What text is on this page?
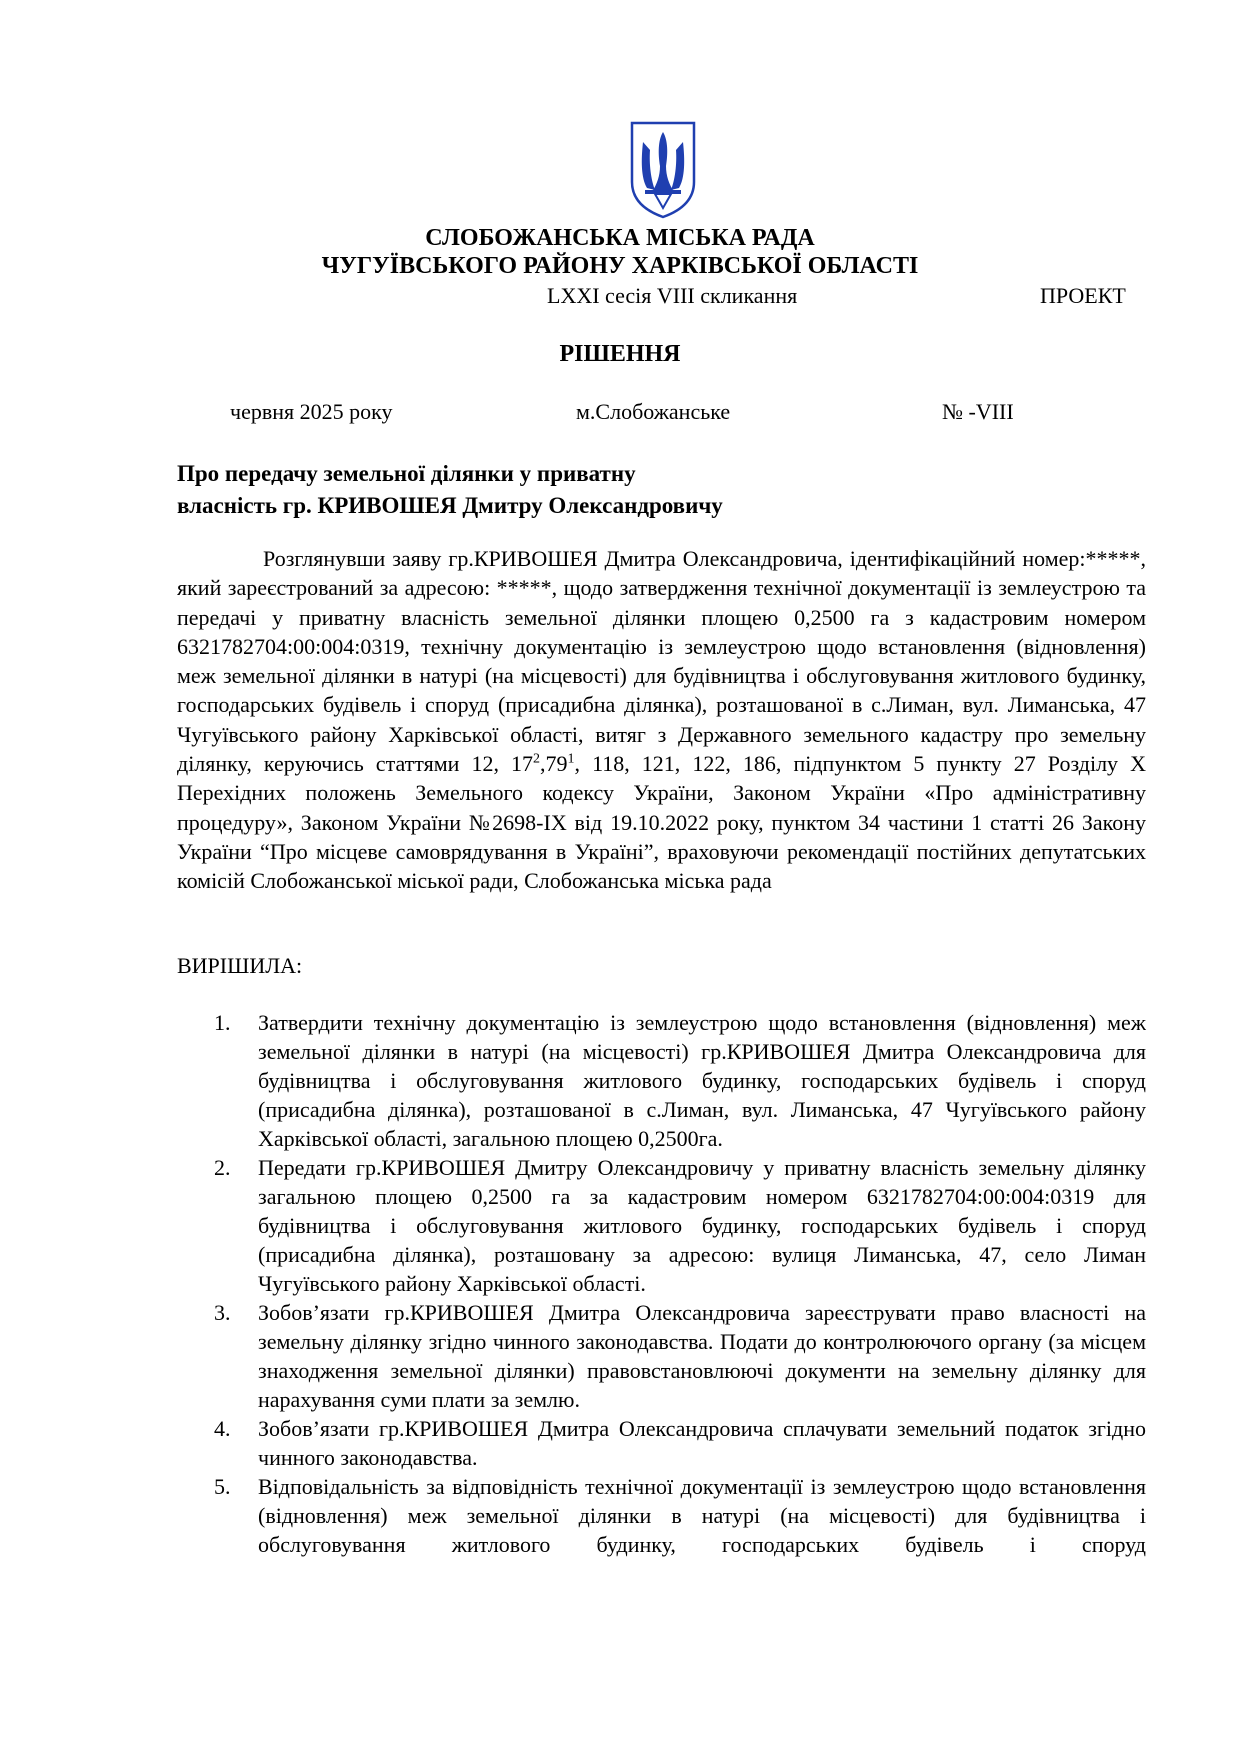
СЛОБОЖАНСЬКА МІСЬКА РАДА
ЧУГУЇВСЬКОГО РАЙОНУ ХАРКІВСЬКОЇ ОБЛАСТІ
LXXI сесія VIII скликання	ПРОЕКТ
РІШЕННЯ
червня 2025 року	м.Слобожанське	№ -VIII
Про передачу земельної ділянки у приватну
власність гр. КРИВОШЕЯ Дмитру Олександровичу

Розглянувши заяву гр.КРИВОШЕЯ Дмитра Олександровича, ідентифікаційний номер:*****, який зареєстрований за адресою: *****, щодо затвердження технічної документації із землеустрою та передачі у приватну власність земельної ділянки площею 0,2500 га з кадастровим номером 6321782704:00:004:0319, технічну документацію із землеустрою щодо встановлення (відновлення) меж земельної ділянки в натурі (на місцевості) для будівництва і обслуговування житлового будинку, господарських будівель і споруд (присадибна ділянка), розташованої в с.Лиман, вул. Лиманська, 47 Чугуївського району Харківської області, витяг з Державного земельного кадастру про земельну ділянку, керуючись статтями 12, $17^2,79^1$, 118, 121, 122, 186, підпунктом 5 пункту 27 Розділу X Перехідних положень Земельного кодексу України, Законом України «Про адміністративну процедуру», Законом України №2698-IX від 19.10.2022 року, пунктом 34 частини 1 статті 26 Закону України “Про місцеве самоврядування в Україні”, враховуючи рекомендації постійних депутатських комісій Слобожанської міської ради, Слобожанська міська рада

ВИРІШИЛА:
1. Затвердити технічну документацію із землеустрою щодо встановлення (відновлення) меж земельної ділянки в натурі (на місцевості) гр.КРИВОШЕЯ Дмитра Олександровича для будівництва і обслуговування житлового будинку, господарських будівель і споруд (присадибна ділянка), розташованої в с.Лиман, вул. Лиманська, 47 Чугуївського району Харківської області, загальною площею 0,2500га.
2. Передати гр.КРИВОШЕЯ Дмитру Олександровичу у приватну власність земельну ділянку загальною площею 0,2500 га за кадастровим номером 6321782704:00:004:0319 для будівництва і обслуговування житлового будинку, господарських будівель і споруд (присадибна ділянка), розташовану за адресою: вулиця Лиманська, 47, село Лиман Чугуївського району Харківської області.
3. Зобов’язати гр.КРИВОШЕЯ Дмитра Олександровича зареєструвати право власності на земельну ділянку згідно чинного законодавства. Подати до контролюючого органу (за місцем знаходження земельної ділянки) правовстановлюючі документи на земельну ділянку для нарахування суми плати за землю.
4. Зобов’язати гр.КРИВОШЕЯ Дмитра Олександровича сплачувати земельний податок згідно чинного законодавства.
5. Відповідальність за відповідність технічної документації із землеустрою щодо встановлення (відновлення) меж земельної ділянки в натурі (на місцевості) для будівництва і обслуговування житлового будинку, господарських будівель і споруд
